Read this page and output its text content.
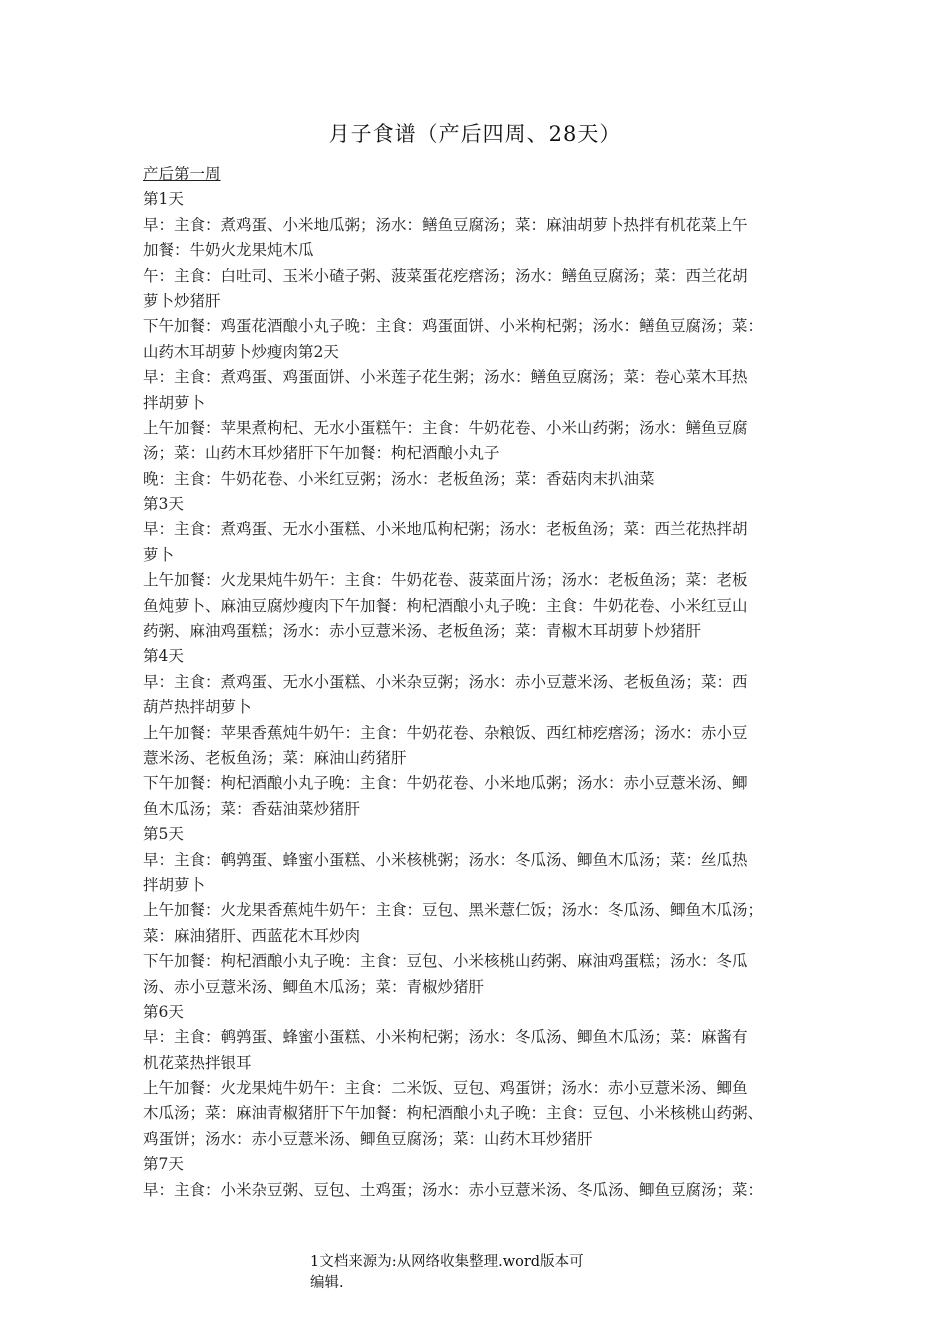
月子食谱（产后四周、28天）
产后第一周
第1天
早：主食：煮鸡蛋、小米地瓜粥；汤水：鳝鱼豆腐汤；菜：麻油胡萝卜热拌有机花菜上午
加餐：牛奶火龙果炖木瓜
午：主食：白吐司、玉米小碴子粥、菠菜蛋花疙瘩汤；汤水：鳝鱼豆腐汤；菜：西兰花胡
萝卜炒猪肝
下午加餐：鸡蛋花酒酿小丸子晚：主食：鸡蛋面饼、小米枸杞粥；汤水：鳝鱼豆腐汤；菜：
山药木耳胡萝卜炒瘦肉第2天
早：主食：煮鸡蛋、鸡蛋面饼、小米莲子花生粥；汤水：鳝鱼豆腐汤；菜：卷心菜木耳热
拌胡萝卜
上午加餐：苹果煮枸杞、无水小蛋糕午：主食：牛奶花卷、小米山药粥；汤水：鳝鱼豆腐
汤；菜：山药木耳炒猪肝下午加餐：枸杞酒酿小丸子
晚：主食：牛奶花卷、小米红豆粥；汤水：老板鱼汤；菜：香菇肉末扒油菜
第3天
早：主食：煮鸡蛋、无水小蛋糕、小米地瓜枸杞粥；汤水：老板鱼汤；菜：西兰花热拌胡
萝卜
上午加餐：火龙果炖牛奶午：主食：牛奶花卷、菠菜面片汤；汤水：老板鱼汤；菜：老板
鱼炖萝卜、麻油豆腐炒瘦肉下午加餐：枸杞酒酿小丸子晚：主食：牛奶花卷、小米红豆山
药粥、麻油鸡蛋糕；汤水：赤小豆薏米汤、老板鱼汤；菜：青椒木耳胡萝卜炒猪肝
第4天
早：主食：煮鸡蛋、无水小蛋糕、小米杂豆粥；汤水：赤小豆薏米汤、老板鱼汤；菜：西
葫芦热拌胡萝卜
上午加餐：苹果香蕉炖牛奶午：主食：牛奶花卷、杂粮饭、西红柿疙瘩汤；汤水：赤小豆
薏米汤、老板鱼汤；菜：麻油山药猪肝
下午加餐：枸杞酒酿小丸子晚：主食：牛奶花卷、小米地瓜粥；汤水：赤小豆薏米汤、鲫
鱼木瓜汤；菜：香菇油菜炒猪肝
第5天
早：主食：鹌鹑蛋、蜂蜜小蛋糕、小米核桃粥；汤水：冬瓜汤、鲫鱼木瓜汤；菜：丝瓜热
拌胡萝卜
上午加餐：火龙果香蕉炖牛奶午：主食：豆包、黑米薏仁饭；汤水：冬瓜汤、鲫鱼木瓜汤；
菜：麻油猪肝、西蓝花木耳炒肉
下午加餐：枸杞酒酿小丸子晚：主食：豆包、小米核桃山药粥、麻油鸡蛋糕；汤水：冬瓜
汤、赤小豆薏米汤、鲫鱼木瓜汤；菜：青椒炒猪肝
第6天
早：主食：鹌鹑蛋、蜂蜜小蛋糕、小米枸杞粥；汤水：冬瓜汤、鲫鱼木瓜汤；菜：麻酱有
机花菜热拌银耳
上午加餐：火龙果炖牛奶午：主食：二米饭、豆包、鸡蛋饼；汤水：赤小豆薏米汤、鲫鱼
木瓜汤；菜：麻油青椒猪肝下午加餐：枸杞酒酿小丸子晚：主食：豆包、小米核桃山药粥、
鸡蛋饼；汤水：赤小豆薏米汤、鲫鱼豆腐汤；菜：山药木耳炒猪肝
第7天
早：主食：小米杂豆粥、豆包、土鸡蛋；汤水：赤小豆薏米汤、冬瓜汤、鲫鱼豆腐汤；菜：
1文档来源为:从网络收集整理.word版本可
编辑.
